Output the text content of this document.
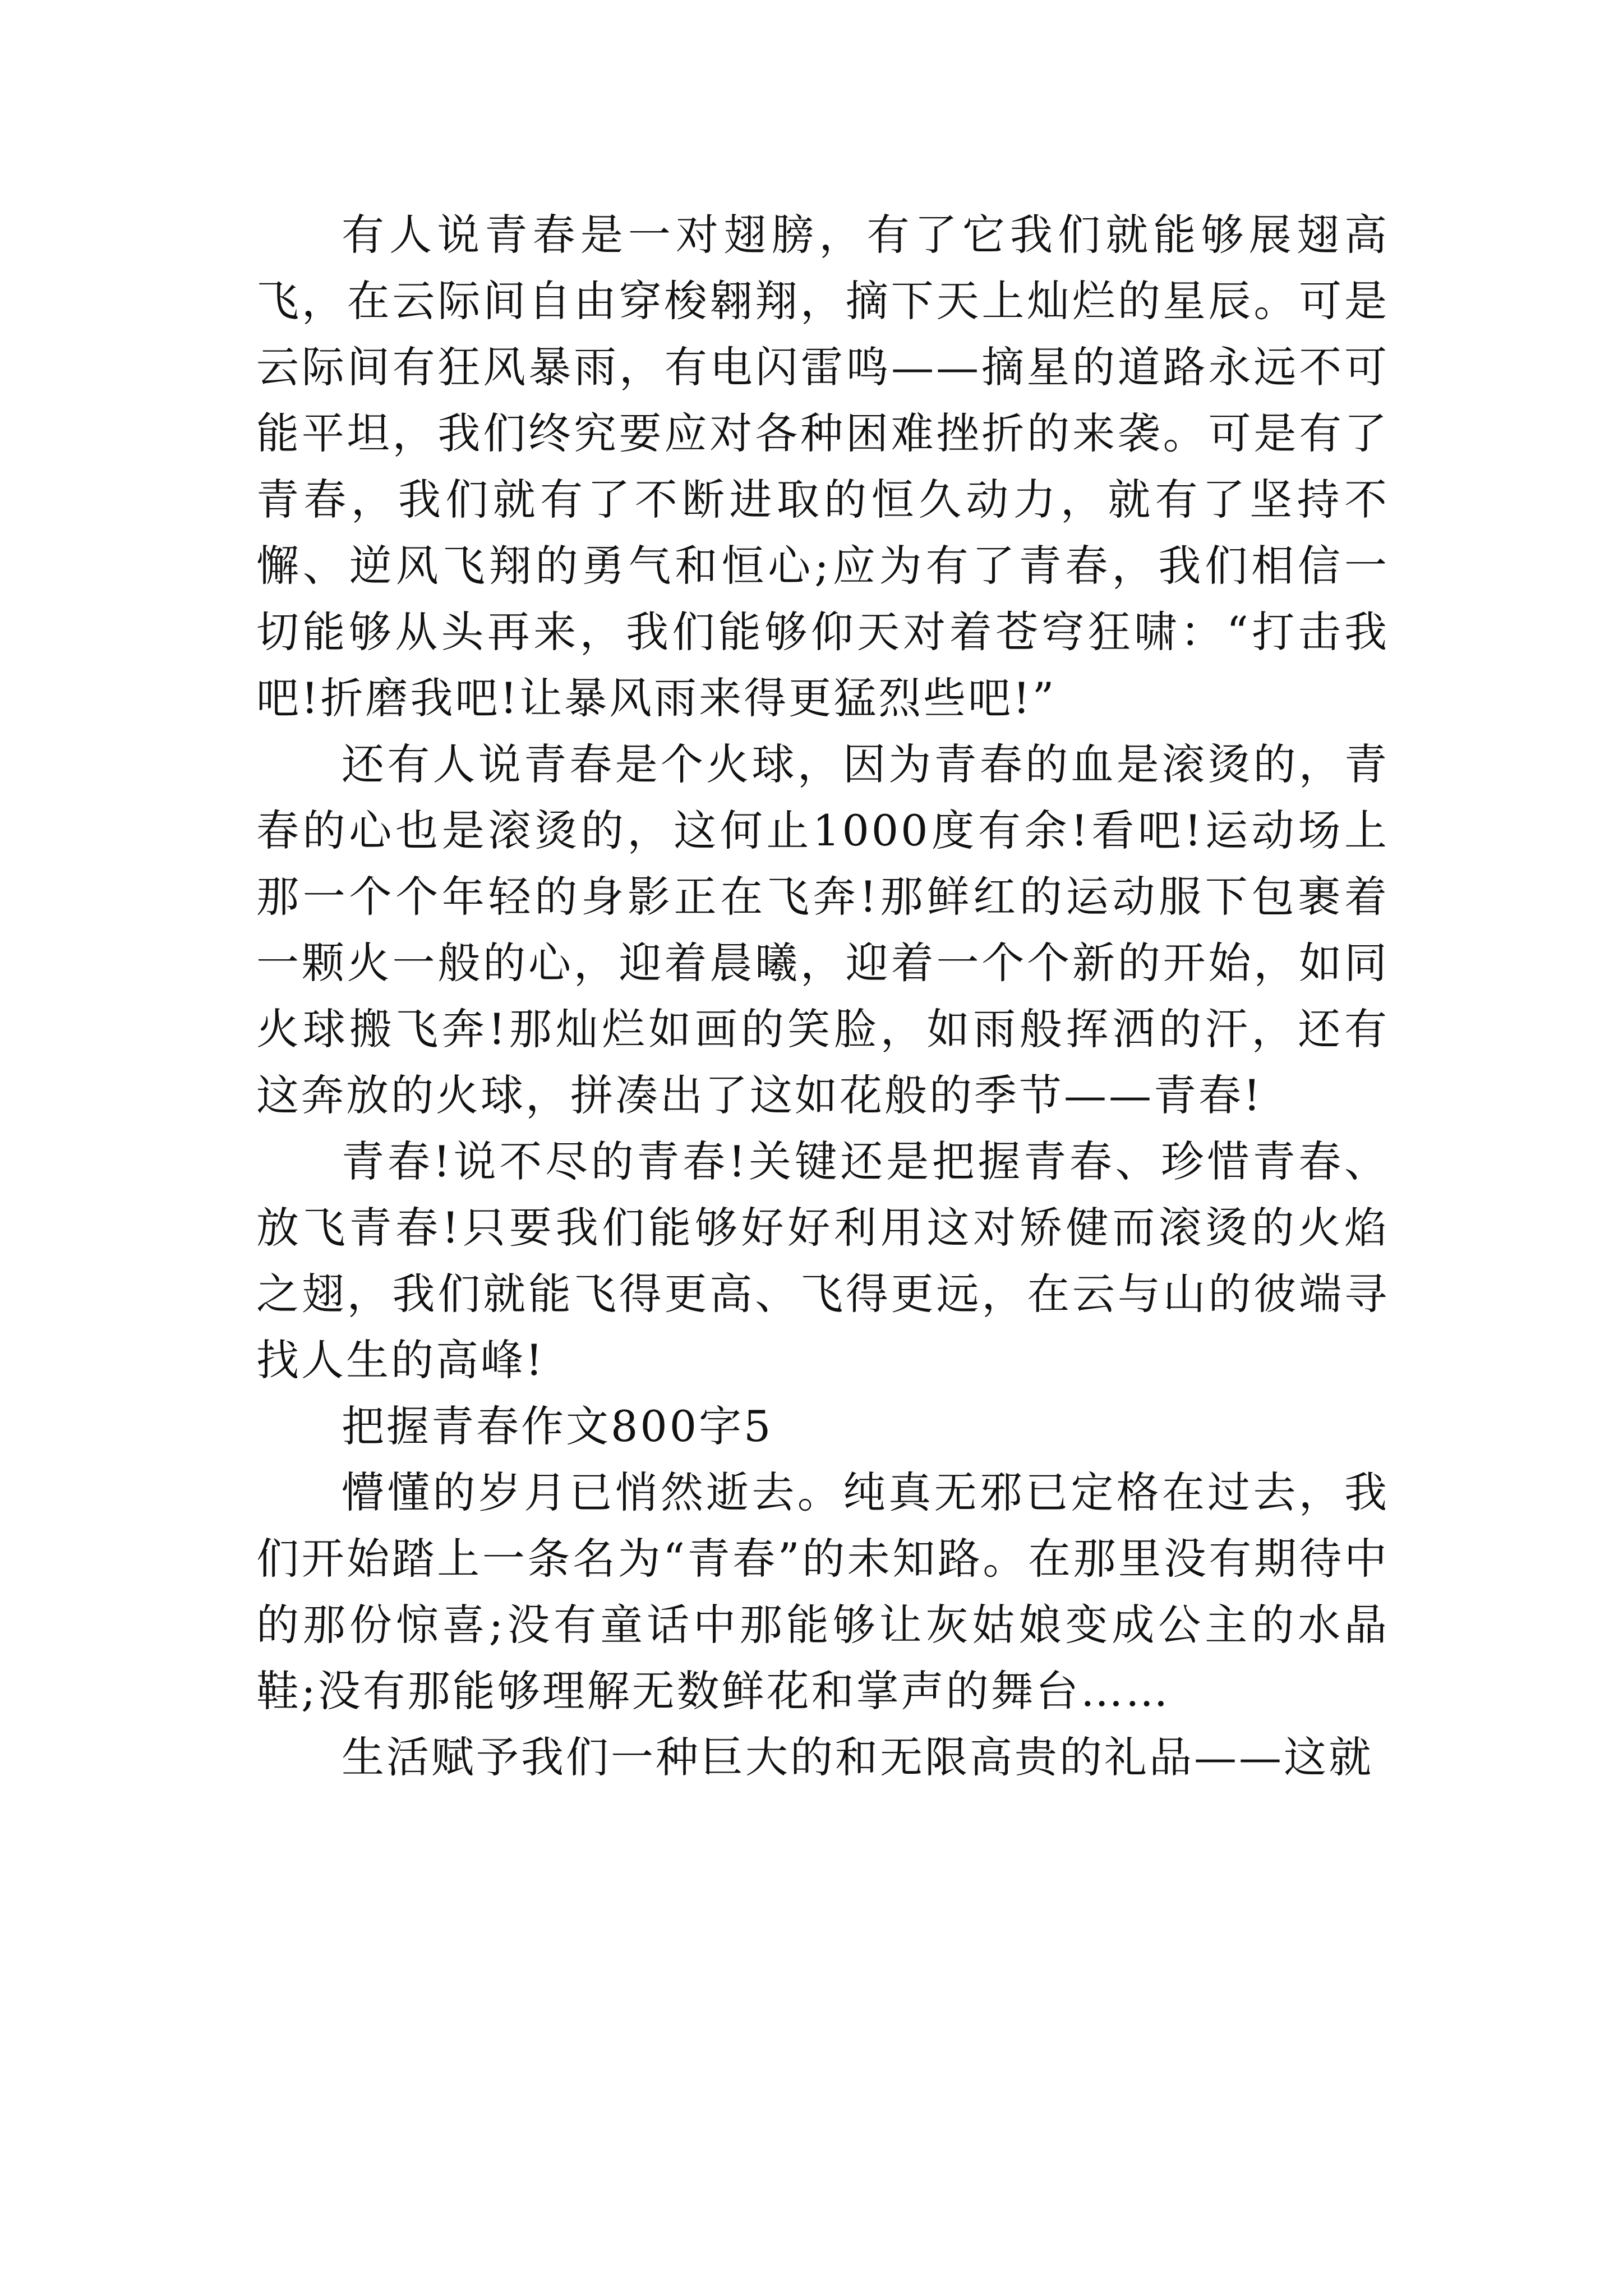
有人说青春是一对翅膀，有了它我们就能够展翅高飞，在云际间自由穿梭翱翔，摘下天上灿烂的星辰。可是云际间有狂风暴雨，有电闪雷鸣——摘星的道路永远不可能平坦，我们终究要应对各种困难挫折的来袭。可是有了青春，我们就有了不断进取的恒久动力，就有了坚持不懈、逆风飞翔的勇气和恒心;应为有了青春，我们相信一切能够从头再来，我们能够仰天对着苍穹狂啸：“打击我吧!折磨我吧!让暴风雨来得更猛烈些吧!”

还有人说青春是个火球，因为青春的血是滚烫的，青春的心也是滚烫的，这何止1000度有余!看吧!运动场上那一个个年轻的身影正在飞奔!那鲜红的运动服下包裹着一颗火一般的心，迎着晨曦，迎着一个个新的开始，如同火球搬飞奔!那灿烂如画的笑脸，如雨般挥洒的汗，还有这奔放的火球，拼凑出了这如花般的季节——青春!

青春!说不尽的青春!关键还是把握青春、珍惜青春、放飞青春!只要我们能够好好利用这对矫健而滚烫的火焰之翅，我们就能飞得更高、飞得更远，在云与山的彼端寻找人生的高峰!

把握青春作文800字5

懵懂的岁月已悄然逝去。纯真无邪已定格在过去，我们开始踏上一条名为“青春”的未知路。在那里没有期待中的那份惊喜;没有童话中那能够让灰姑娘变成公主的水晶鞋;没有那能够理解无数鲜花和掌声的舞台……

生活赋予我们一种巨大的和无限高贵的礼品——这就
